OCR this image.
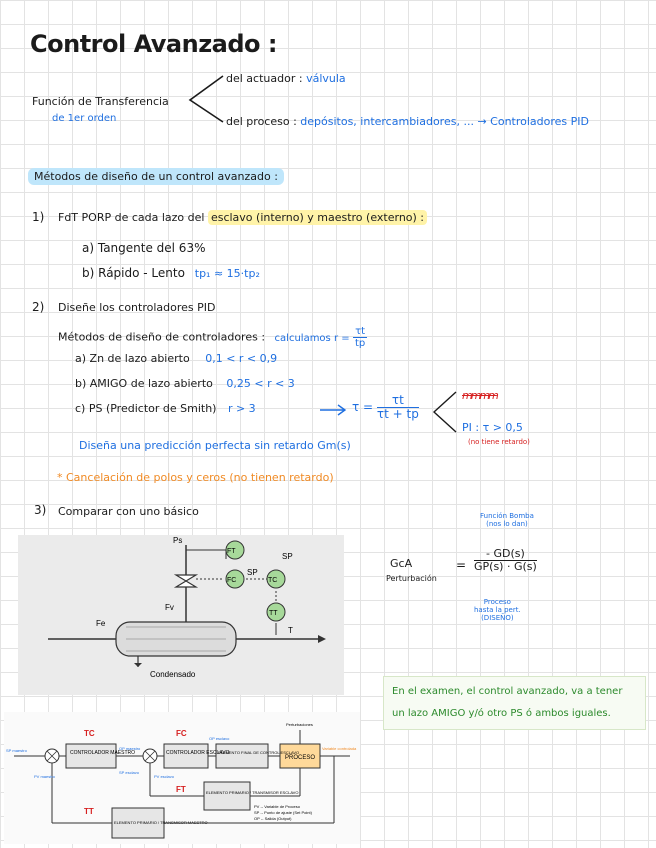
Control Avanzado :
Función de Transferencia
de 1er orden
del actuador : válvula
del proceso : depósitos, intercambiadores, ... → Controladores PID
Métodos de diseño de un control avanzado :
1) FdT PORP de cada lazo del esclavo (interno) y maestro (externo) :
a) Tangente del 63%
b) Rápido - Lento tp₁ ≈ 15·tp₂
2) Diseñe los controladores PID
Métodos de diseño de controladores : calculamos $r = \frac{\tau t}{tp}$
a) Zn de lazo abierto 0,1 < r < 0,9
b) AMIGO de lazo abierto 0,25 < r < 3
c) PS (Predictor de Smith) r > 3	$\tau = \frac{\tau t}{\tau t + tp}$	mmmm
PI : τ > 0,5
(no tiene retardo)
Diseña una predicción perfecta sin retardo Gm(s)
* Cancelación de polos y ceros (no tienen retardo)
3) Comparar con uno básico
FT
FC	TC
TT
Ps
SP
SP
Fv
Fe
T
Condensado
GcA
Perturbación
= $\frac{- GD(s)}{GP(s) \cdot G(s)}$
Función Bomba
(nos lo dan)
Proceso
hasta la pert.
(DISEÑO)
En el examen, el control avanzado, va a tener un lazo AMIGO y/ó otro PS ó ambos iguales.
CONTROLADOR MAESTRO	CONTROLADOR ESCLAVO
ELEMENTO FINAL DE CONTROL ESCLAVO
PROCESO
ELEMENTO PRIMARIO / TRANSMISOR ESCLAVO
ELEMENTO PRIMARIO / TRANSMISOR MAESTRO
TC	FC
FT
TT
Perturbaciones
Variable controlada
SP maestro	OP maestro
SP esclavo
OP esclavo
PV esclavo
PV maestro
PV -- Variable de Proceso
SP -- Punto de ajuste (Set Point)
OP -- Salida (Output)
